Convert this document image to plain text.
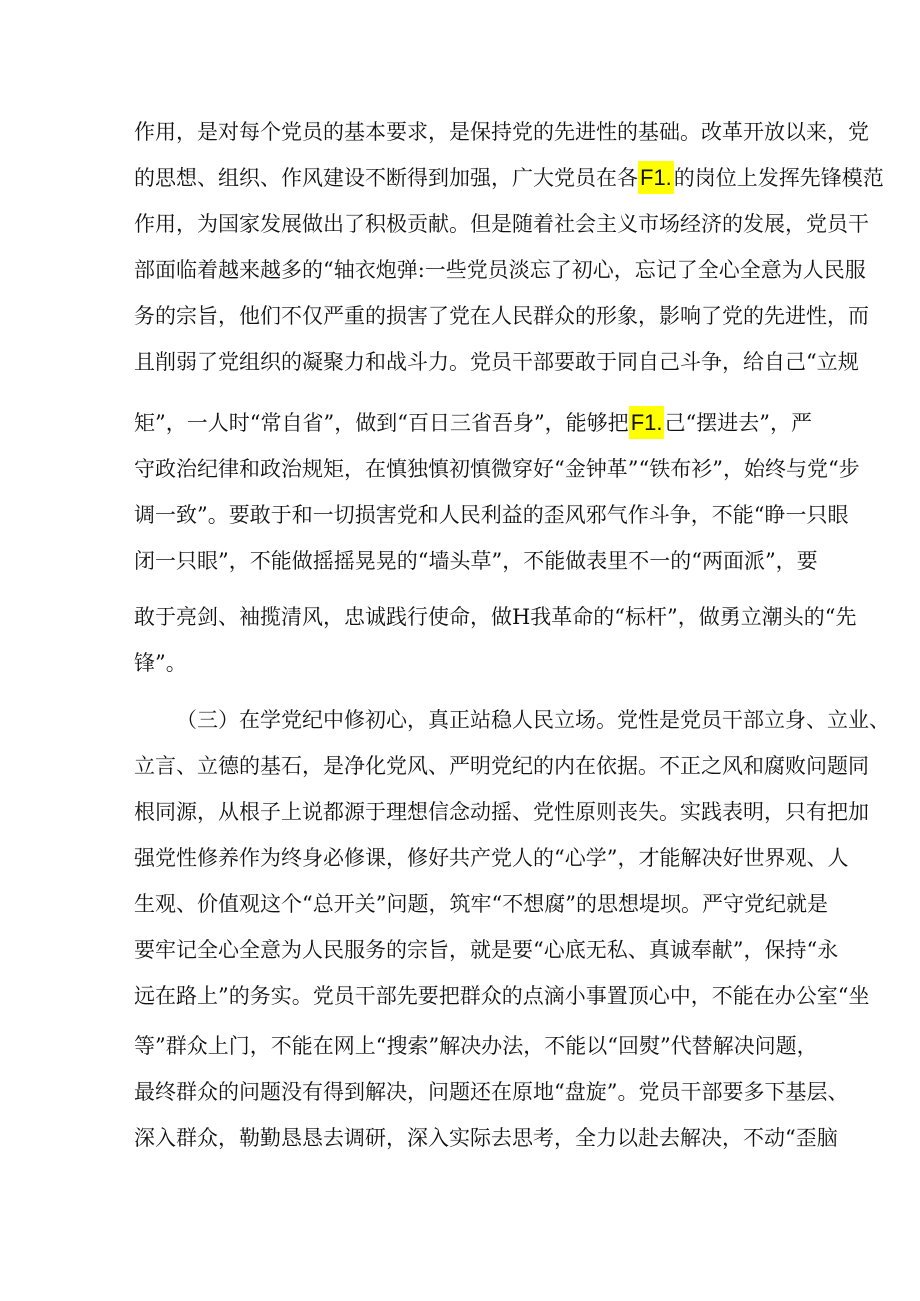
作用，是对每个党员的基本要求，是保持党的先进性的基础。改革开放以来，党
的思想、组织、作风建设不断得到加强，广大党员在各F1.的岗位上发挥先锋模范
作用，为国家发展做出了积极贡献。但是随着社会主义市场经济的发展，党员干
部面临着越来越多的“轴衣炮弹:一些党员淡忘了初心，忘记了全心全意为人民服
务的宗旨，他们不仅严重的损害了党在人民群众的形象，影响了党的先进性，而
且削弱了党组织的凝聚力和战斗力。党员干部要敢于同自己斗争，给自己“立规
矩”，一人时“常自省”，做到“百日三省吾身”，能够把F1.己“摆进去”，严
守政治纪律和政治规矩，在慎独慎初慎微穿好“金钟革”“铁布衫”，始终与党“步
调一致”。要敢于和一切损害党和人民利益的歪风邪气作斗争，不能“睁一只眼
闭一只眼”，不能做摇摇晃晃的“墙头草”，不能做表里不一的“两面派”，要
敢于亮剑、袖揽清风，忠诚践行使命，做H我革命的“标杆”，做勇立潮头的“先
锋”。
（三）在学党纪中修初心，真正站稳人民立场。党性是党员干部立身、立业、
立言、立德的基石，是净化党风、严明党纪的内在依据。不正之风和腐败问题同
根同源，从根子上说都源于理想信念动摇、党性原则丧失。实践表明，只有把加
强党性修养作为终身必修课，修好共产党人的“心学”，才能解决好世界观、人
生观、价值观这个“总开关”问题，筑牢“不想腐”的思想堤坝。严守党纪就是
要牢记全心全意为人民服务的宗旨，就是要“心底无私、真诚奉献”，保持“永
远在路上”的务实。党员干部先要把群众的点滴小事置顶心中，不能在办公室“坐
等”群众上门，不能在网上“搜索”解决办法，不能以“回熨”代替解决问题，
最终群众的问题没有得到解决，问题还在原地“盘旋”。党员干部要多下基层、
深入群众，勒勤恳恳去调研，深入实际去思考，全力以赴去解决，不动“歪脑
